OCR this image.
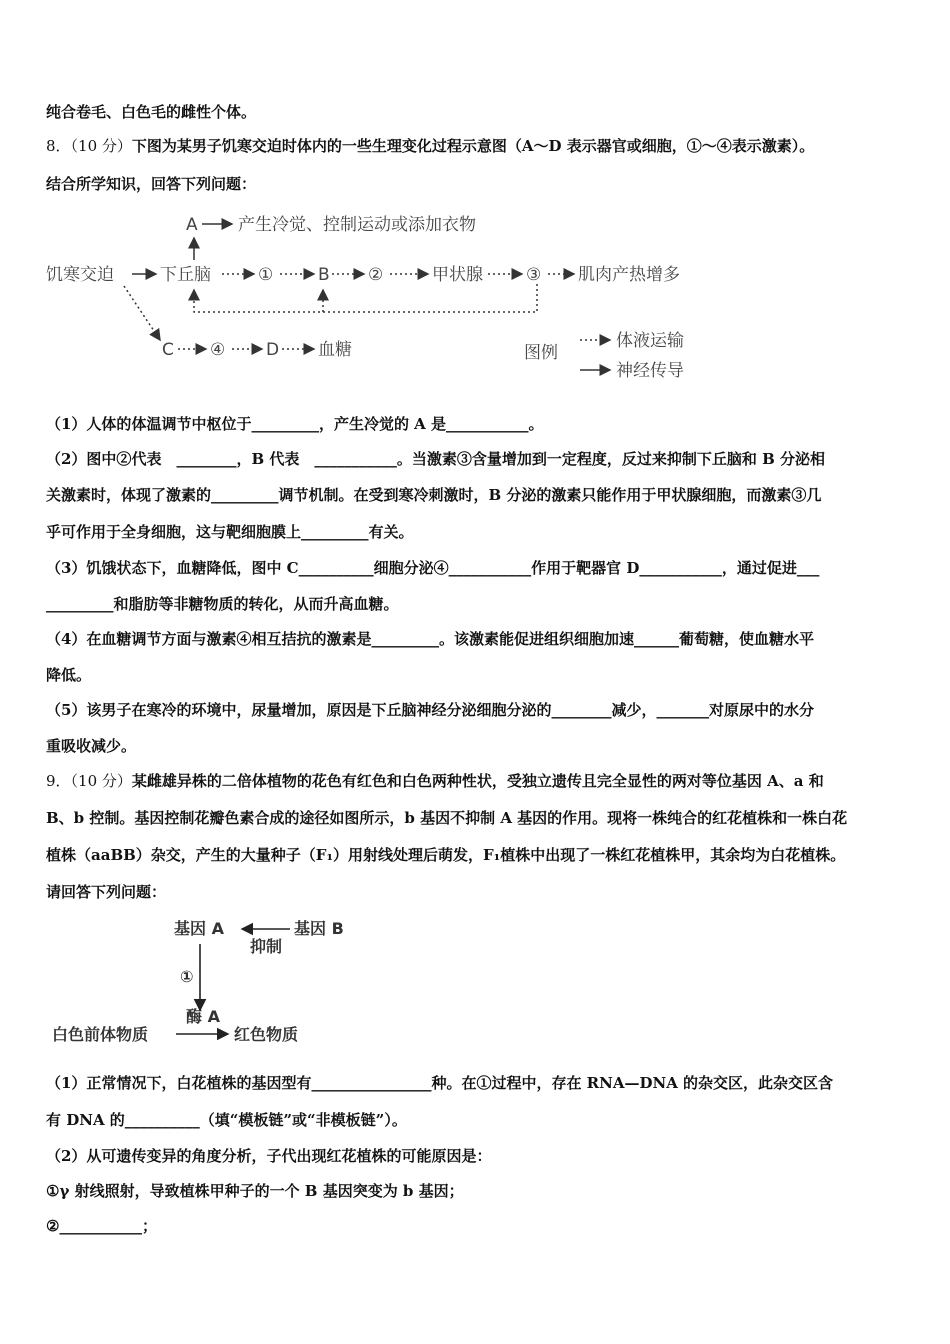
纯合卷毛、白色毛的雌性个体。
8．（10 分）下图为某男子饥寒交迫时体内的一些生理变化过程示意图（A～D 表示器官或细胞，①～④表示激素）。
结合所学知识，回答下列问题：
A 产生冷觉、控制运动或添加衣物
饥寒交迫	下丘脑	①	B ②	甲状腺	③ 肌肉产热增多
C ④ D 血糖	图例
体液运输
神经传导
（1）人体的体温调节中枢位于_________，产生冷觉的 A 是___________。
（2）图中②代表　________，B 代表　___________。当激素③含量增加到一定程度，反过来抑制下丘脑和 B 分泌相
关激素时，体现了激素的_________调节机制。在受到寒冷刺激时，B 分泌的激素只能作用于甲状腺细胞，而激素③几
乎可作用于全身细胞，这与靶细胞膜上_________有关。
（3）饥饿状态下，血糖降低，图中 C__________细胞分泌④___________作用于靶器官 D___________，通过促进___
_________和脂肪等非糖物质的转化，从而升高血糖。
（4）在血糖调节方面与激素④相互拮抗的激素是_________。该激素能促进组织细胞加速______葡萄糖，使血糖水平
降低。
（5）该男子在寒冷的环境中，尿量增加，原因是下丘脑神经分泌细胞分泌的________减少，_______对原尿中的水分
重吸收减少。
9．（10 分）某雌雄异株的二倍体植物的花色有红色和白色两种性状，受独立遗传且完全显性的两对等位基因 A、a 和
B、b 控制。基因控制花瓣色素合成的途径如图所示，b 基因不抑制 A 基因的作用。现将一株纯合的红花植株和一株白花
植株（aaBB）杂交，产生的大量种子（F₁）用射线处理后萌发，F₁植株中出现了一株红花植株甲，其余均为白花植株。
请回答下列问题：
基因 A	基因 B
抑制
①
酶 A
白色前体物质	红色物质
（1）正常情况下，白花植株的基因型有________________种。在①过程中，存在 RNA—DNA 的杂交区，此杂交区含
有 DNA 的__________（填“模板链”或“非模板链”）。
（2）从可遗传变异的角度分析，子代出现红花植株的可能原因是：
①γ 射线照射，导致植株甲种子的一个 B 基因突变为 b 基因；
②___________；
